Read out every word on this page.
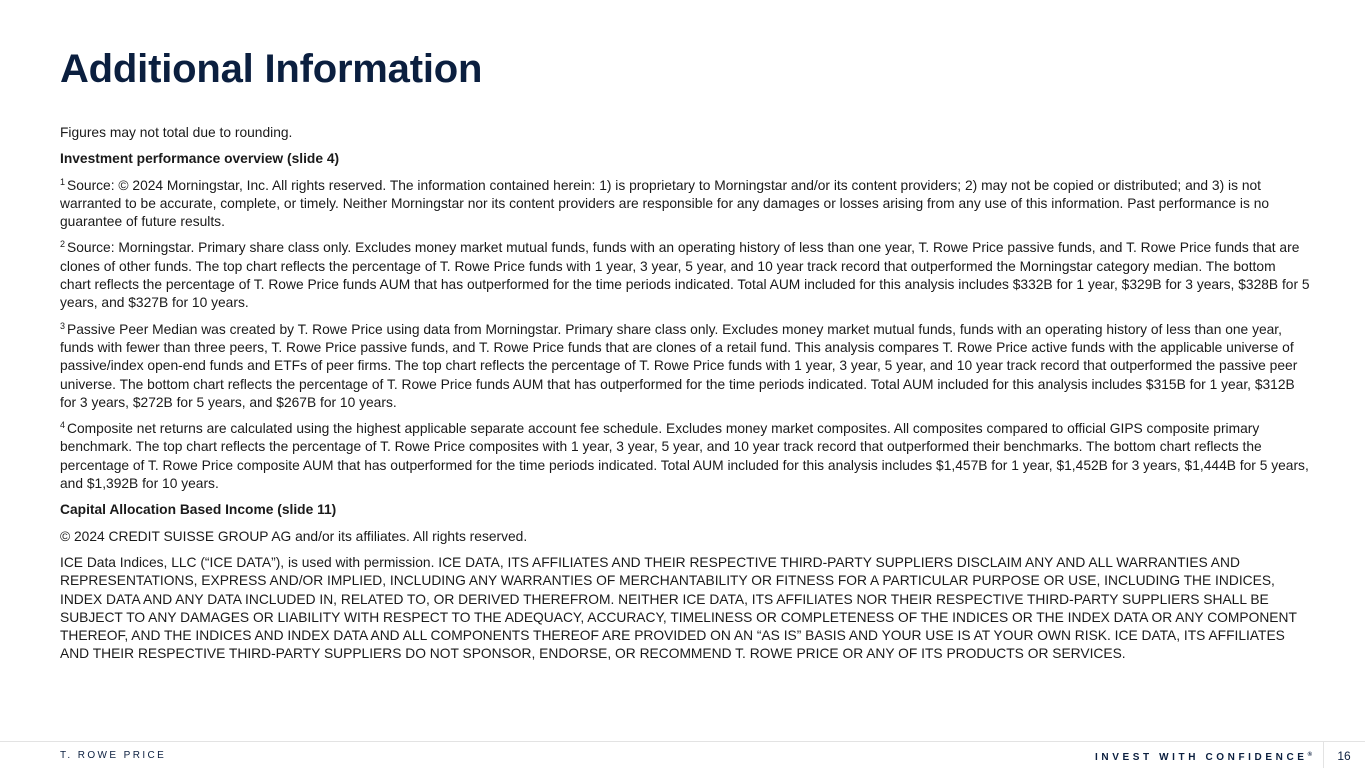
Additional Information

Figures may not total due to rounding.

Investment performance overview (slide 4)

$^1$ Source: © 2024 Morningstar, Inc. All rights reserved. The information contained herein: 1) is proprietary to Morningstar and/or its content providers; 2) may not be copied or distributed; and 3) is not warranted to be accurate, complete, or timely. Neither Morningstar nor its content providers are responsible for any damages or losses arising from any use of this information. Past performance is no guarantee of future results.

$^2$ Source: Morningstar. Primary share class only. Excludes money market mutual funds, funds with an operating history of less than one year, T. Rowe Price passive funds, and T. Rowe Price funds that are clones of other funds. The top chart reflects the percentage of T. Rowe Price funds with 1 year, 3 year, 5 year, and 10 year track record that outperformed the Morningstar category median. The bottom chart reflects the percentage of T. Rowe Price funds AUM that has outperformed for the time periods indicated. Total AUM included for this analysis includes $332B for 1 year, $329B for 3 years, $328B for 5 years, and $327B for 10 years.

$^3$ Passive Peer Median was created by T. Rowe Price using data from Morningstar. Primary share class only. Excludes money market mutual funds, funds with an operating history of less than one year, funds with fewer than three peers, T. Rowe Price passive funds, and T. Rowe Price funds that are clones of a retail fund. This analysis compares T. Rowe Price active funds with the applicable universe of passive/index open-end funds and ETFs of peer firms. The top chart reflects the percentage of T. Rowe Price funds with 1 year, 3 year, 5 year, and 10 year track record that outperformed the passive peer universe. The bottom chart reflects the percentage of T. Rowe Price funds AUM that has outperformed for the time periods indicated. Total AUM included for this analysis includes $315B for 1 year, $312B for 3 years, $272B for 5 years, and $267B for 10 years.

$^4$ Composite net returns are calculated using the highest applicable separate account fee schedule. Excludes money market composites. All composites compared to official GIPS composite primary benchmark. The top chart reflects the percentage of T. Rowe Price composites with 1 year, 3 year, 5 year, and 10 year track record that outperformed their benchmarks. The bottom chart reflects the percentage of T. Rowe Price composite AUM that has outperformed for the time periods indicated. Total AUM included for this analysis includes $1,457B for 1 year, $1,452B for 3 years, $1,444B for 5 years, and $1,392B for 10 years.

Capital Allocation Based Income (slide 11)

© 2024 CREDIT SUISSE GROUP AG and/or its affiliates. All rights reserved.

ICE Data Indices, LLC (“ICE DATA”), is used with permission. ICE DATA, ITS AFFILIATES AND THEIR RESPECTIVE THIRD-PARTY SUPPLIERS DISCLAIM ANY AND ALL WARRANTIES AND REPRESENTATIONS, EXPRESS AND/OR IMPLIED, INCLUDING ANY WARRANTIES OF MERCHANTABILITY OR FITNESS FOR A PARTICULAR PURPOSE OR USE, INCLUDING THE INDICES, INDEX DATA AND ANY DATA INCLUDED IN, RELATED TO, OR DERIVED THEREFROM. NEITHER ICE DATA, ITS AFFILIATES NOR THEIR RESPECTIVE THIRD-PARTY SUPPLIERS SHALL BE SUBJECT TO ANY DAMAGES OR LIABILITY WITH RESPECT TO THE ADEQUACY, ACCURACY, TIMELINESS OR COMPLETENESS OF THE INDICES OR THE INDEX DATA OR ANY COMPONENT THEREOF, AND THE INDICES AND INDEX DATA AND ALL COMPONENTS THEREOF ARE PROVIDED ON AN “AS IS” BASIS AND YOUR USE IS AT YOUR OWN RISK. ICE DATA, ITS AFFILIATES AND THEIR RESPECTIVE THIRD-PARTY SUPPLIERS DO NOT SPONSOR, ENDORSE, OR RECOMMEND T. ROWE PRICE OR ANY OF ITS PRODUCTS OR SERVICES.

T. ROWE PRICE	INVEST WITH CONFIDENCE®	16
